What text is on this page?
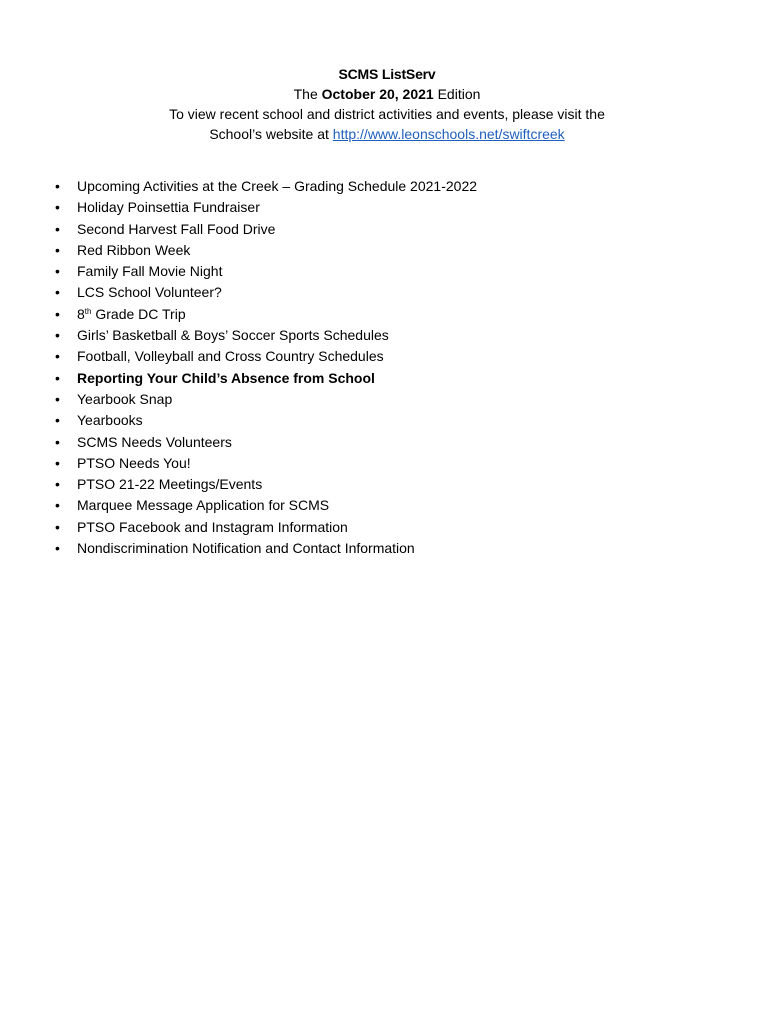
SCMS ListServ
The October 20, 2021 Edition
To view recent school and district activities and events, please visit the
School’s website at http://www.leonschools.net/swiftcreek
• Upcoming Activities at the Creek – Grading Schedule 2021-2022
• Holiday Poinsettia Fundraiser
• Second Harvest Fall Food Drive
• Red Ribbon Week
• Family Fall Movie Night
• LCS School Volunteer?
• 8th Grade DC Trip
• Girls’ Basketball & Boys’ Soccer Sports Schedules
• Football, Volleyball and Cross Country Schedules
• Reporting Your Child’s Absence from School
• Yearbook Snap
• Yearbooks
• SCMS Needs Volunteers
• PTSO Needs You!
• PTSO 21-22 Meetings/Events
• Marquee Message Application for SCMS
• PTSO Facebook and Instagram Information
• Nondiscrimination Notification and Contact Information
